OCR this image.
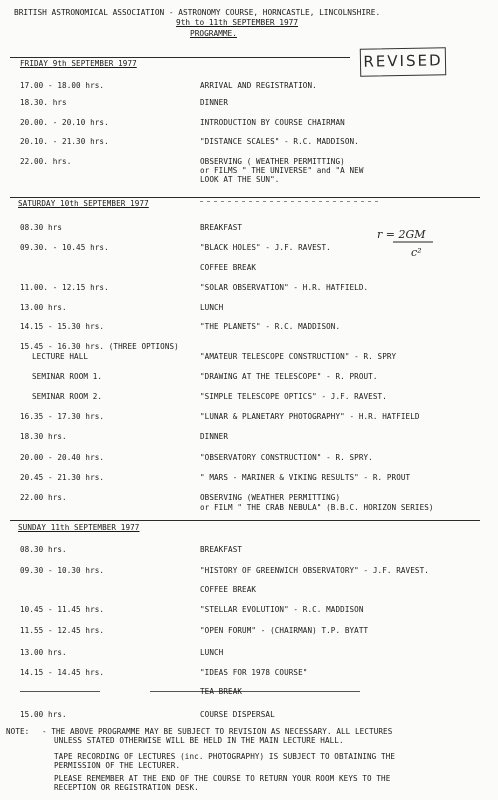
BRITISH ASTRONOMICAL ASSOCIATION - ASTRONOMY COURSE, HORNCASTLE, LINCOLNSHIRE.
9th to 11th SEPTEMBER 1977
PROGRAMME.
REVISED
FRIDAY 9th SEPTEMBER 1977
17.00 - 18.00 hrs.	ARRIVAL AND REGISTRATION.
18.30. hrs	DINNER
20.00. - 20.10 hrs.	INTRODUCTION BY COURSE CHAIRMAN
20.10. - 21.30 hrs.	"DISTANCE SCALES" - R.C. MADDISON.
22.00. hrs.	OBSERVING ( WEATHER PERMITTING)
or FILMS " THE UNIVERSE" and "A NEW
LOOK AT THE SUN".
SATURDAY 10th SEPTEMBER 1977
r = 2GM
c²
08.30 hrs	BREAKFAST
09.30. - 10.45 hrs.	"BLACK HOLES" - J.F. RAVEST.
COFFEE BREAK
11.00. - 12.15 hrs.	"SOLAR OBSERVATION" - H.R. HATFIELD.
13.00 hrs.	LUNCH
14.15 - 15.30 hrs.	"THE PLANETS" - R.C. MADDISON.
15.45 - 16.30 hrs. (THREE OPTIONS)
LECTURE HALL	"AMATEUR TELESCOPE CONSTRUCTION" - R. SPRY
SEMINAR ROOM 1.	"DRAWING AT THE TELESCOPE" - R. PROUT.
SEMINAR ROOM 2.	"SIMPLE TELESCOPE OPTICS" - J.F. RAVEST.
16.35 - 17.30 hrs.	"LUNAR & PLANETARY PHOTOGRAPHY" - H.R. HATFIELD
18.30 hrs.	DINNER
20.00 - 20.40 hrs.	"OBSERVATORY CONSTRUCTION" - R. SPRY.
20.45 - 21.30 hrs.	" MARS - MARINER & VIKING RESULTS" - R. PROUT
22.00 hrs.	OBSERVING (WEATHER PERMITTING)
or FILM " THE CRAB NEBULA" (B.B.C. HORIZON SERIES)
SUNDAY 11th SEPTEMBER 1977
08.30 hrs.	BREAKFAST
09.30 - 10.30 hrs.	"HISTORY OF GREENWICH OBSERVATORY" - J.F. RAVEST.
COFFEE BREAK
10.45 - 11.45 hrs.	"STELLAR EVOLUTION" - R.C. MADDISON
11.55 - 12.45 hrs.	"OPEN FORUM" - (CHAIRMAN) T.P. BYATT
13.00 hrs.	LUNCH
14.15 - 14.45 hrs.	"IDEAS FOR 1978 COURSE"
TEA BREAK
15.00 hrs.	COURSE DISPERSAL
NOTE: - THE ABOVE PROGRAMME MAY BE SUBJECT TO REVISION AS NECESSARY. ALL LECTURES
UNLESS STATED OTHERWISE WILL BE HELD IN THE MAIN LECTURE HALL.
TAPE RECORDING OF LECTURES (inc. PHOTOGRAPHY) IS SUBJECT TO OBTAINING THE
PERMISSION OF THE LECTURER.
PLEASE REMEMBER AT THE END OF THE COURSE TO RETURN YOUR ROOM KEYS TO THE
RECEPTION OR REGISTRATION DESK.
